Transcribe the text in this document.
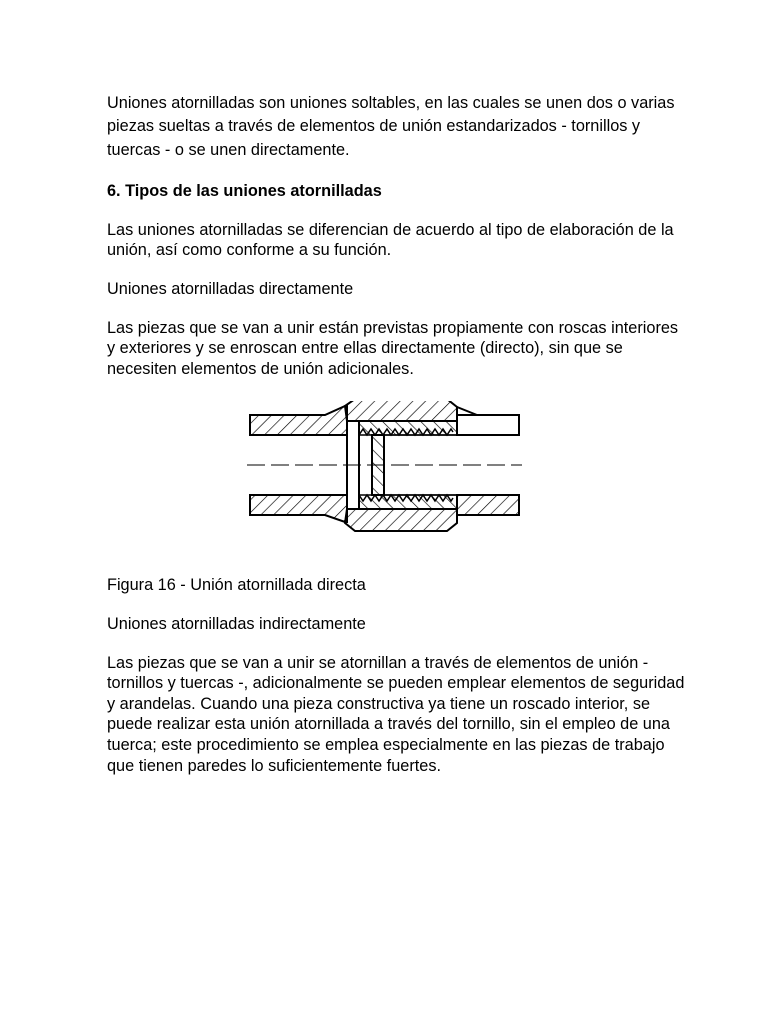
Uniones atornilladas son uniones soltables, en las cuales se unen dos o varias piezas sueltas a través de elementos de unión estandarizados - tornillos y tuercas - o se unen directamente.

6. Tipos de las uniones atornilladas

Las uniones atornilladas se diferencian de acuerdo al tipo de elaboración de la unión, así como conforme a su función.

Uniones atornilladas directamente

Las piezas que se van a unir están previstas propiamente con roscas interiores y exteriores y se enroscan entre ellas directamente (directo), sin que se necesiten elementos de unión adicionales.

Figura 16 - Unión atornillada directa

Uniones atornilladas indirectamente

Las piezas que se van a unir se atornillan a través de elementos de unión - tornillos y tuercas -, adicionalmente se pueden emplear elementos de seguridad y arandelas. Cuando una pieza constructiva ya tiene un roscado interior, se puede realizar esta unión atornillada a través del tornillo, sin el empleo de una tuerca; este procedimiento se emplea especialmente en las piezas de trabajo que tienen paredes lo suficientemente fuertes.
